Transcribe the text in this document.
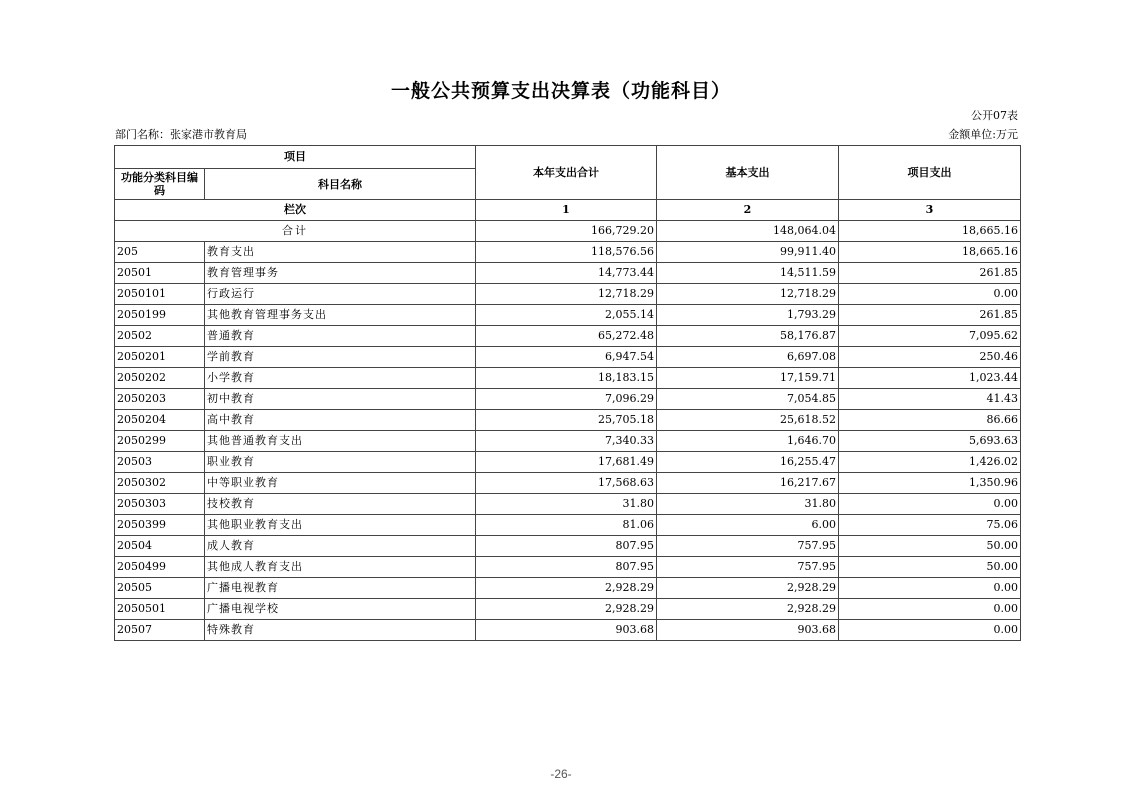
一般公共预算支出决算表（功能科目）
公开07表
部门名称：张家港市教育局	金额单位:万元
项目		本年支出合计	基本支出	项目支出
功能分类科目编码	科目名称			
栏次		1	2	3
合计		166,729.20	148,064.04	18,665.16
205	教育支出	118,576.56	99,911.40	18,665.16
20501	教育管理事务	14,773.44	14,511.59	261.85
2050101	行政运行	12,718.29	12,718.29	0.00
2050199	其他教育管理事务支出	2,055.14	1,793.29	261.85
20502	普通教育	65,272.48	58,176.87	7,095.62
2050201	学前教育	6,947.54	6,697.08	250.46
2050202	小学教育	18,183.15	17,159.71	1,023.44
2050203	初中教育	7,096.29	7,054.85	41.43
2050204	高中教育	25,705.18	25,618.52	86.66
2050299	其他普通教育支出	7,340.33	1,646.70	5,693.63
20503	职业教育	17,681.49	16,255.47	1,426.02
2050302	中等职业教育	17,568.63	16,217.67	1,350.96
2050303	技校教育	31.80	31.80	0.00
2050399	其他职业教育支出	81.06	6.00	75.06
20504	成人教育	807.95	757.95	50.00
2050499	其他成人教育支出	807.95	757.95	50.00
20505	广播电视教育	2,928.29	2,928.29	0.00
2050501	广播电视学校	2,928.29	2,928.29	0.00
20507	特殊教育	903.68	903.68	0.00
-26-
